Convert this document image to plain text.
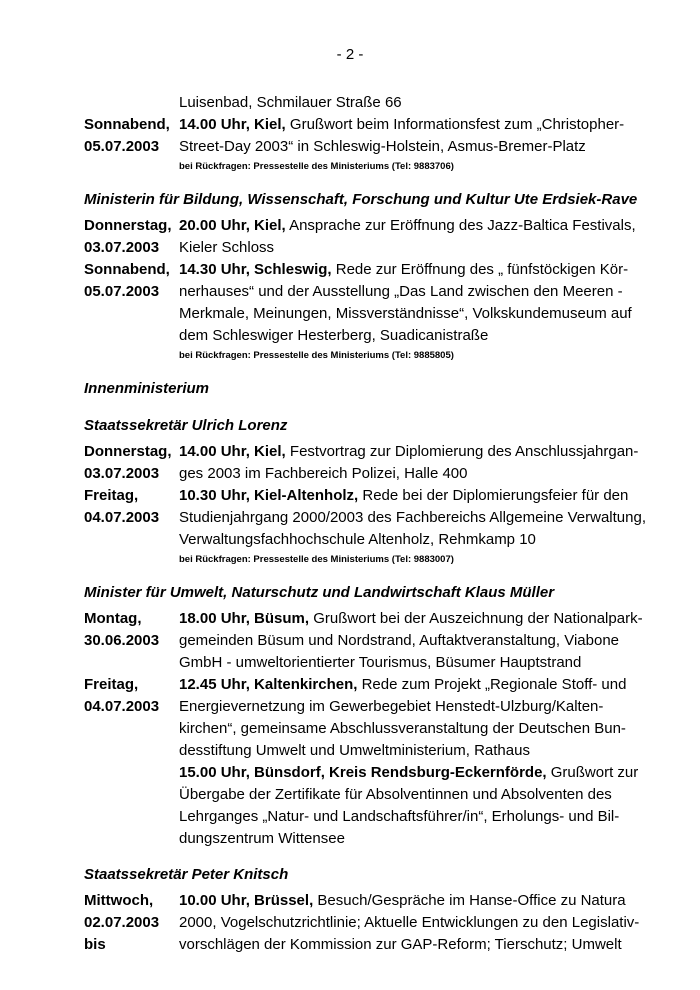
- 2 -
Luisenbad, Schmilauer Straße 66
Sonnabend,
05.07.2003
14.00 Uhr, Kiel, Grußwort beim Informationsfest zum „Christopher-
Street-Day 2003“ in Schleswig-Holstein, Asmus-Bremer-Platz
bei Rückfragen: Pressestelle des Ministeriums (Tel: 9883706)
Ministerin für Bildung, Wissenschaft, Forschung und Kultur Ute Erdsiek-Rave
Donnerstag,
03.07.2003
20.00 Uhr, Kiel, Ansprache zur Eröffnung des Jazz-Baltica Festivals,
Kieler Schloss
Sonnabend,
05.07.2003
14.30 Uhr, Schleswig, Rede zur Eröffnung des „ fünfstöckigen Kör-
nerhauses“ und der Ausstellung „Das Land zwischen den Meeren -
Merkmale, Meinungen, Missverständnisse“, Volkskundemuseum auf
dem Schleswiger Hesterberg, Suadicanistraße
bei Rückfragen: Pressestelle des Ministeriums (Tel: 9885805)
Innenministerium
Staatssekretär Ulrich Lorenz
Donnerstag,
03.07.2003
14.00 Uhr, Kiel, Festvortrag zur Diplomierung des Anschlussjahrgan-
ges 2003 im Fachbereich Polizei, Halle 400
Freitag,
04.07.2003
10.30 Uhr, Kiel-Altenholz, Rede bei der Diplomierungsfeier für den
Studienjahrgang 2000/2003 des Fachbereichs Allgemeine Verwaltung,
Verwaltungsfachhochschule Altenholz, Rehmkamp 10
bei Rückfragen: Pressestelle des Ministeriums (Tel: 9883007)
Minister für Umwelt, Naturschutz und Landwirtschaft Klaus Müller
Montag,
30.06.2003
18.00 Uhr, Büsum, Grußwort bei der Auszeichnung der Nationalpark-
gemeinden Büsum und Nordstrand, Auftaktveranstaltung, Viabone
GmbH - umweltorientierter Tourismus, Büsumer Hauptstrand
Freitag,
04.07.2003
12.45 Uhr, Kaltenkirchen, Rede zum Projekt „Regionale Stoff- und
Energievernetzung im Gewerbegebiet Henstedt-Ulzburg/Kalten-
kirchen“, gemeinsame Abschlussveranstaltung der Deutschen Bun-
desstiftung Umwelt und Umweltministerium, Rathaus
15.00 Uhr, Bünsdorf, Kreis Rendsburg-Eckernförde, Grußwort zur
Übergabe der Zertifikate für Absolventinnen und Absolventen des
Lehrganges „Natur- und Landschaftsführer/in“, Erholungs- und Bil-
dungszentrum Wittensee
Staatssekretär Peter Knitsch
Mittwoch,
02.07.2003
bis
10.00 Uhr, Brüssel, Besuch/Gespräche im Hanse-Office zu Natura
2000, Vogelschutzrichtlinie; Aktuelle Entwicklungen zu den Legislativ-
vorschlägen der Kommission zur GAP-Reform; Tierschutz; Umwelt
